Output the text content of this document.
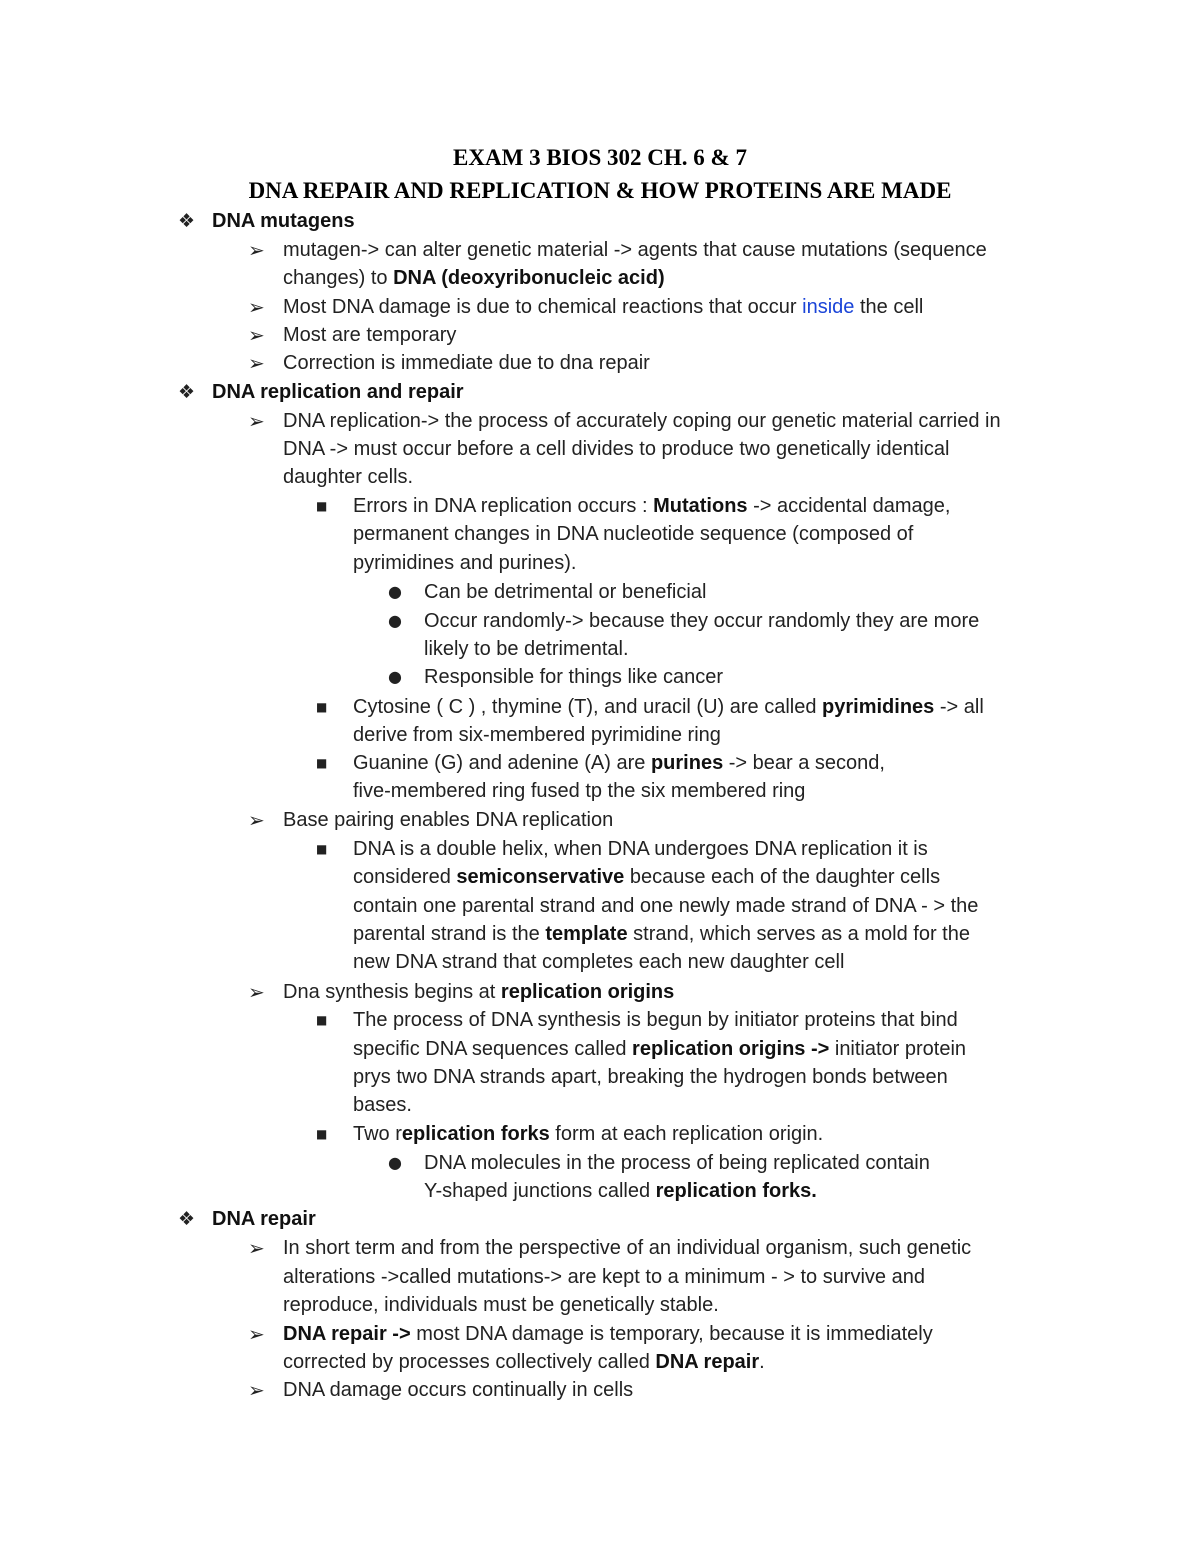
EXAM 3 BIOS 302 CH. 6 & 7
DNA REPAIR AND REPLICATION & HOW PROTEINS ARE MADE
❖ DNA mutagens
➢ mutagen-> can alter genetic material -> agents that cause mutations (sequence
changes) to DNA (deoxyribonucleic acid)
➢ Most DNA damage is due to chemical reactions that occur inside the cell
➢ Most are temporary
➢ Correction is immediate due to dna repair
❖ DNA replication and repair
➢ DNA replication-> the process of accurately coping our genetic material carried in
DNA -> must occur before a cell divides to produce two genetically identical
daughter cells.
■ Errors in DNA replication occurs : Mutations -> accidental damage,
permanent changes in DNA nucleotide sequence (composed of
pyrimidines and purines).
● Can be detrimental or beneficial
● Occur randomly-> because they occur randomly they are more
likely to be detrimental.
● Responsible for things like cancer
■ Cytosine ( C ) , thymine (T), and uracil (U) are called pyrimidines -> all
derive from six-membered pyrimidine ring
■ Guanine (G) and adenine (A) are purines -> bear a second,
five-membered ring fused tp the six membered ring
➢ Base pairing enables DNA replication
■ DNA is a double helix, when DNA undergoes DNA replication it is
considered semiconservative because each of the daughter cells
contain one parental strand and one newly made strand of DNA - > the
parental strand is the template strand, which serves as a mold for the
new DNA strand that completes each new daughter cell
➢ Dna synthesis begins at replication origins
■ The process of DNA synthesis is begun by initiator proteins that bind
specific DNA sequences called replication origins -> initiator protein
prys two DNA strands apart, breaking the hydrogen bonds between
bases.
■ Two replication forks form at each replication origin.
● DNA molecules in the process of being replicated contain
Y-shaped junctions called replication forks.
❖ DNA repair
➢ In short term and from the perspective of an individual organism, such genetic
alterations ->called mutations-> are kept to a minimum - > to survive and
reproduce, individuals must be genetically stable.
➢ DNA repair -> most DNA damage is temporary, because it is immediately
corrected by processes collectively called DNA repair.
➢ DNA damage occurs continually in cells
